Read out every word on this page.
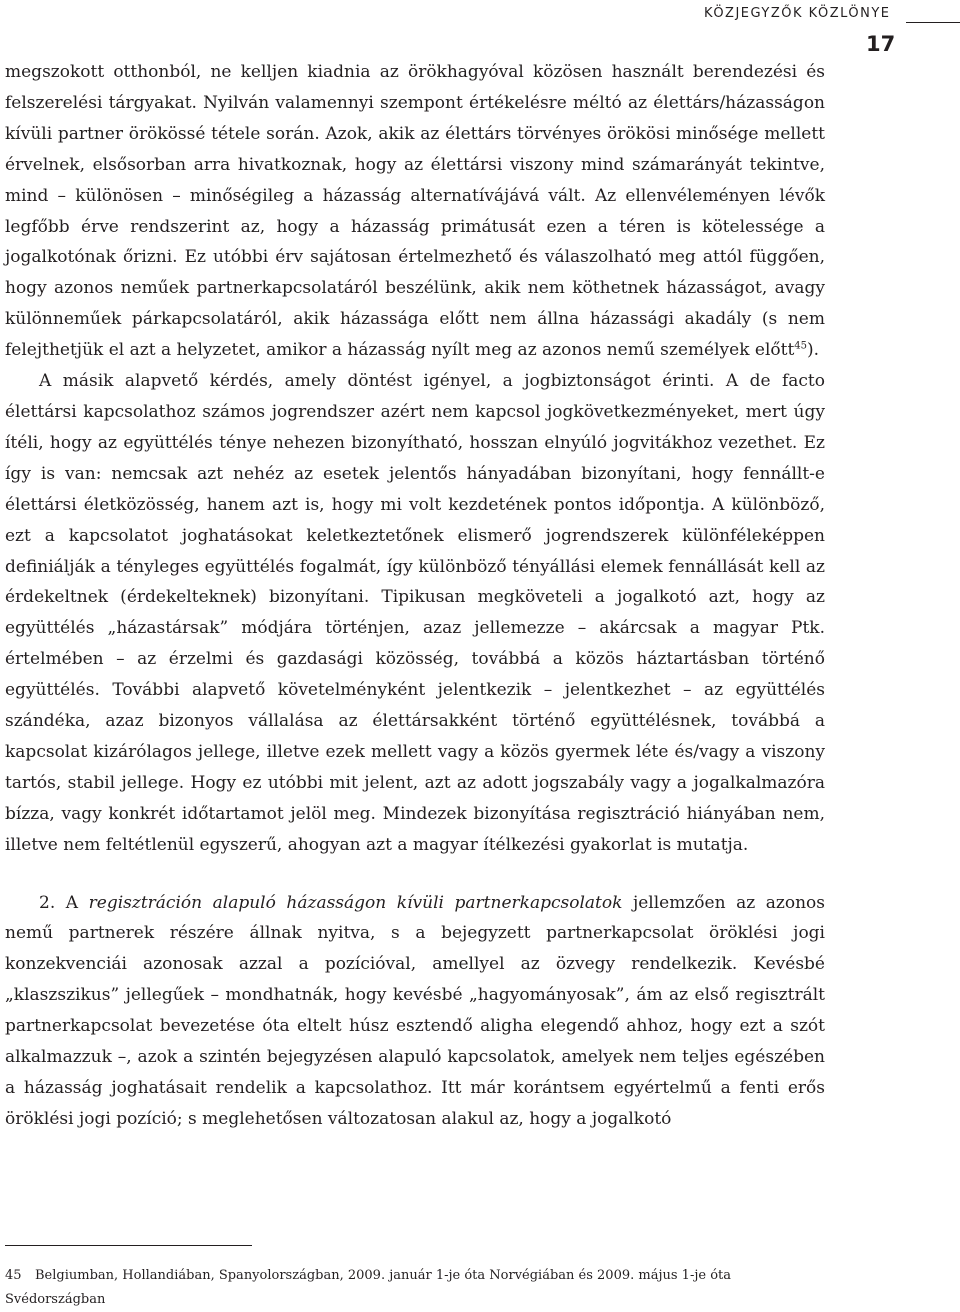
KÖZJEGYZŐK KÖZLÖNYE
17

megszokott otthonból, ne kelljen kiadnia az örökhagyóval közösen használt berendezési és felszerelési tárgyakat. Nyilván valamennyi szempont értékelésre méltó az élettárs/házasságon kívüli partner örökössé tétele során. Azok, akik az élettárs törvényes örökösi minősége mellett érvelnek, elsősorban arra hivatkoznak, hogy az élettársi viszony mind számarányát tekintve, mind – különösen – minőségileg a házasság alternatívájává vált. Az ellenvéleményen lévők legfőbb érve rendszerint az, hogy a házasság primátusát ezen a téren is kötelessége a jogalkotónak őrizni. Ez utóbbi érv sajátosan értelmezhető és válaszolható meg attól függően, hogy azonos neműek partnerkapcsolatáról beszélünk, akik nem köthetnek házasságot, avagy különneműek párkapcsolatáról, akik házassága előtt nem állna házassági akadály (s nem felejthetjük el azt a helyzetet, amikor a házasság nyílt meg az azonos nemű személyek előtt$^{45}$).

A másik alapvető kérdés, amely döntést igényel, a jogbiztonságot érinti. A de facto élettársi kapcsolathoz számos jogrendszer azért nem kapcsol jogkövetkezményeket, mert úgy ítéli, hogy az együttélés ténye nehezen bizonyítható, hosszan elnyúló jogvitákhoz vezethet. Ez így is van: nemcsak azt nehéz az esetek jelentős hányadában bizonyítani, hogy fennállt-e élettársi életközösség, hanem azt is, hogy mi volt kezdetének pontos időpontja. A különböző, ezt a kapcsolatot joghatásokat keletkeztetőnek elismerő jogrendszerek különféleképpen definiálják a tényleges együttélés fogalmát, így különböző tényállási elemek fennállását kell az érdekeltnek (érdekelteknek) bizonyítani. Tipikusan megköveteli a jogalkotó azt, hogy az együttélés „házastársak” módjára történjen, azaz jellemezze – akárcsak a magyar Ptk. értelmében – az érzelmi és gazdasági közösség, továbbá a közös háztartásban történő együttélés. További alapvető követelményként jelentkezik – jelentkezhet – az együttélés szándéka, azaz bizonyos vállalása az élettársakként történő együttélésnek, továbbá a kapcsolat kizárólagos jellege, illetve ezek mellett vagy a közös gyermek léte és/vagy a viszony tartós, stabil jellege. Hogy ez utóbbi mit jelent, azt az adott jogszabály vagy a jogalkalmazóra bízza, vagy konkrét időtartamot jelöl meg. Mindezek bizonyítása regisztráció hiányában nem, illetve nem feltétlenül egyszerű, ahogyan azt a magyar ítélkezési gyakorlat is mutatja.

2. A regisztráción alapuló házasságon kívüli partnerkapcsolatok jellemzően az azonos nemű partnerek részére állnak nyitva, s a bejegyzett partnerkapcsolat öröklési jogi konzekvenciái azonosak azzal a pozícióval, amellyel az özvegy rendelkezik. Kevésbé „klaszszikus” jellegűek – mondhatnák, hogy kevésbé „hagyományosak”, ám az első regisztrált partnerkapcsolat bevezetése óta eltelt húsz esztendő aligha elegendő ahhoz, hogy ezt a szót alkalmazzuk –, azok a szintén bejegyzésen alapuló kapcsolatok, amelyek nem teljes egészében a házasság joghatásait rendelik a kapcsolathoz. Itt már korántsem egyértelmű a fenti erős öröklési jogi pozíció; s meglehetősen változatosan alakul az, hogy a jogalkotó

45 Belgiumban, Hollandiában, Spanyolországban, 2009. január 1-je óta Norvégiában és 2009. május 1-je óta Svédországban
